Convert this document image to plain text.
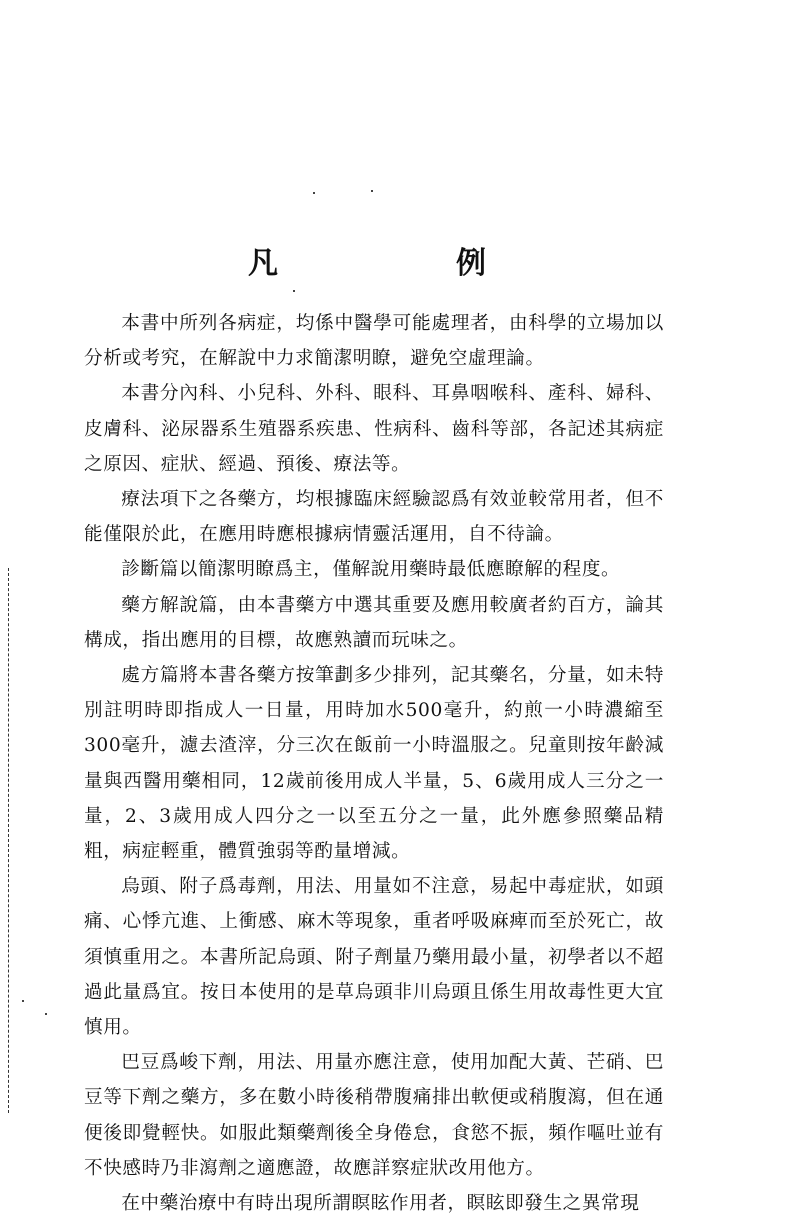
凡	例

本書中所列各病症，均係中醫學可能處理者，由科學的立場加以分析或考究，在解說中力求簡潔明瞭，避免空虛理論。

本書分內科、小兒科、外科、眼科、耳鼻咽喉科、產科、婦科、皮膚科、泌尿器系生殖器系疾患、性病科、齒科等部，各記述其病症之原因、症狀、經過、預後、療法等。

療法項下之各藥方，均根據臨床經驗認爲有效並較常用者，但不能僅限於此，在應用時應根據病情靈活運用，自不待論。

診斷篇以簡潔明瞭爲主，僅解說用藥時最低應瞭解的程度。

藥方解說篇，由本書藥方中選其重要及應用較廣者約百方，論其構成，指出應用的目標，故應熟讀而玩味之。

處方篇將本書各藥方按筆劃多少排列，記其藥名，分量，如未特別註明時即指成人一日量，用時加水500毫升，約煎一小時濃縮至300毫升，濾去渣滓，分三次在飯前一小時溫服之。兒童則按年齡減量與西醫用藥相同，12歲前後用成人半量，5、6歲用成人三分之一量，2、3歲用成人四分之一以至五分之一量，此外應參照藥品精粗，病症輕重，體質強弱等酌量增減。

烏頭、附子爲毒劑，用法、用量如不注意，易起中毒症狀，如頭痛、心悸亢進、上衝感、麻木等現象，重者呼吸麻痺而至於死亡，故須慎重用之。本書所記烏頭、附子劑量乃藥用最小量，初學者以不超過此量爲宜。按日本使用的是草烏頭非川烏頭且係生用故毒性更大宜慎用。

巴豆爲峻下劑，用法、用量亦應注意，使用加配大黃、芒硝、巴豆等下劑之藥方，多在數小時後稍帶腹痛排出軟便或稍腹瀉，但在通便後即覺輕快。如服此類藥劑後全身倦怠，食慾不振，頻作嘔吐並有不快感時乃非瀉劑之適應證，故應詳察症狀改用他方。

在中藥治療中有時出現所謂瞑眩作用者，瞑眩即發生之異常現
